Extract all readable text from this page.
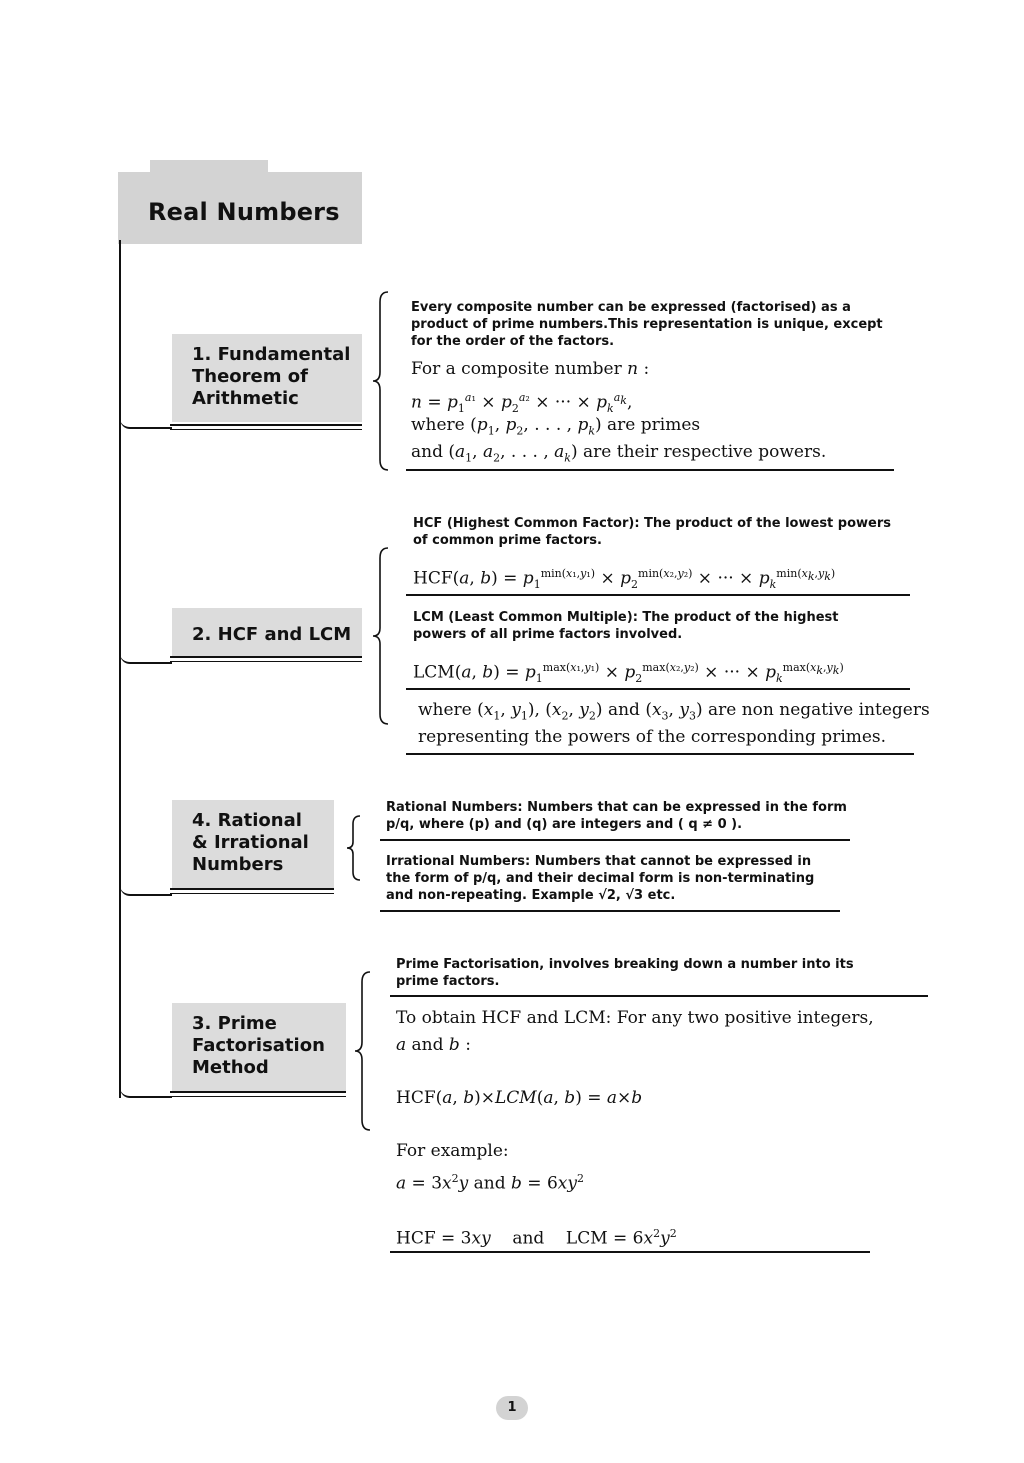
Real Numbers
1. Fundamental
Theorem of
Arithmetic
Every composite number can be expressed (factorised) as a product of prime numbers.This representation is unique, except for the order of the factors.
For a composite number n :
$n = p_1^{a_1} \times p_2^{a_2}$ × ··· × $p_k^{a_k}$,
where ($p_1$, $p_2$, . . . , $p_k$) are primes
and ($a_1$, $a_2$, . . . , $a_k$) are their respective powers.
2. HCF and LCM
HCF (Highest Common Factor): The product of the lowest powers of common prime factors.
HCF(a, $b) = p_1^{min(x_1,y_1)} \times p_2^{min(x_2,y_2)}$ × ··· × $p_k^{min(x_k,y_k)}$
LCM (Least Common Multiple): The product of the highest powers of all prime factors involved.
LCM(a, $b) = p_1^{max(x_1,y_1)} \times p_2^{max(x_2,y_2)}$ × ··· × $p_k^{max(x_k,y_k)}$
where ($x_1$, $y_1$), ($x_2$, $y_2$) and ($x_3$, $y_3$) are non negative integers
representing the powers of the corresponding primes.
4. Rational
& Irrational
Numbers
Rational Numbers: Numbers that can be expressed in the form p/q, where (p) and (q) are integers and ( q ≠ 0 ).
Irrational Numbers: Numbers that cannot be expressed in the form of p/q, and their decimal form is non-terminating and non-repeating. Example √2, √3 etc.
3. Prime
Factorisation
Method
Prime Factorisation, involves breaking down a number into its prime factors.
To obtain HCF and LCM: For any two positive integers,
a and b :
HCF(a, b)×LCM(a, b) = a×b
For example:
$a = 3x^2y$ and $b = 6xy^2$
HCF = 3xy    and    LCM = $6x^2y^2$
1
